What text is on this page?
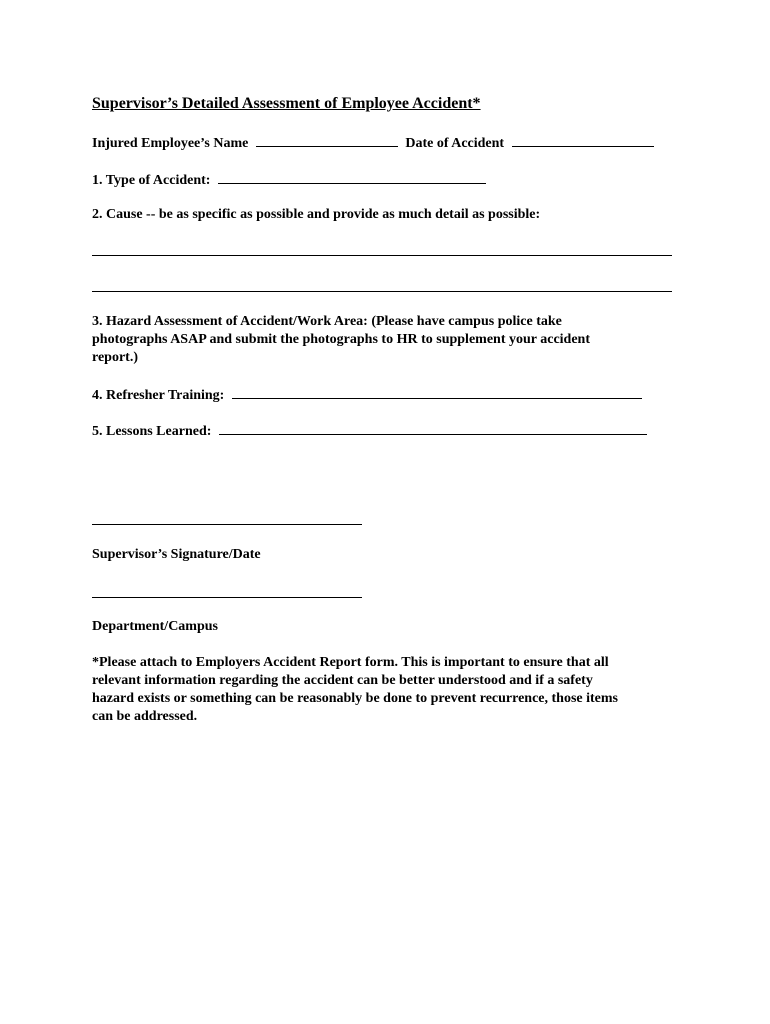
Supervisor’s Detailed Assessment of Employee Accident*
Injured Employee’s Name	Date of Accident
1. Type of Accident:
2. Cause -- be as specific as possible and provide as much detail as possible:
3. Hazard Assessment of Accident/Work Area: (Please have campus police take
photographs ASAP and submit the photographs to HR to supplement your accident
report.)
4. Refresher Training:
5. Lessons Learned:
Supervisor’s Signature/Date
Department/Campus
*Please attach to Employers Accident Report form. This is important to ensure that all
relevant information regarding the accident can be better understood and if a safety
hazard exists or something can be reasonably be done to prevent recurrence, those items
can be addressed.
